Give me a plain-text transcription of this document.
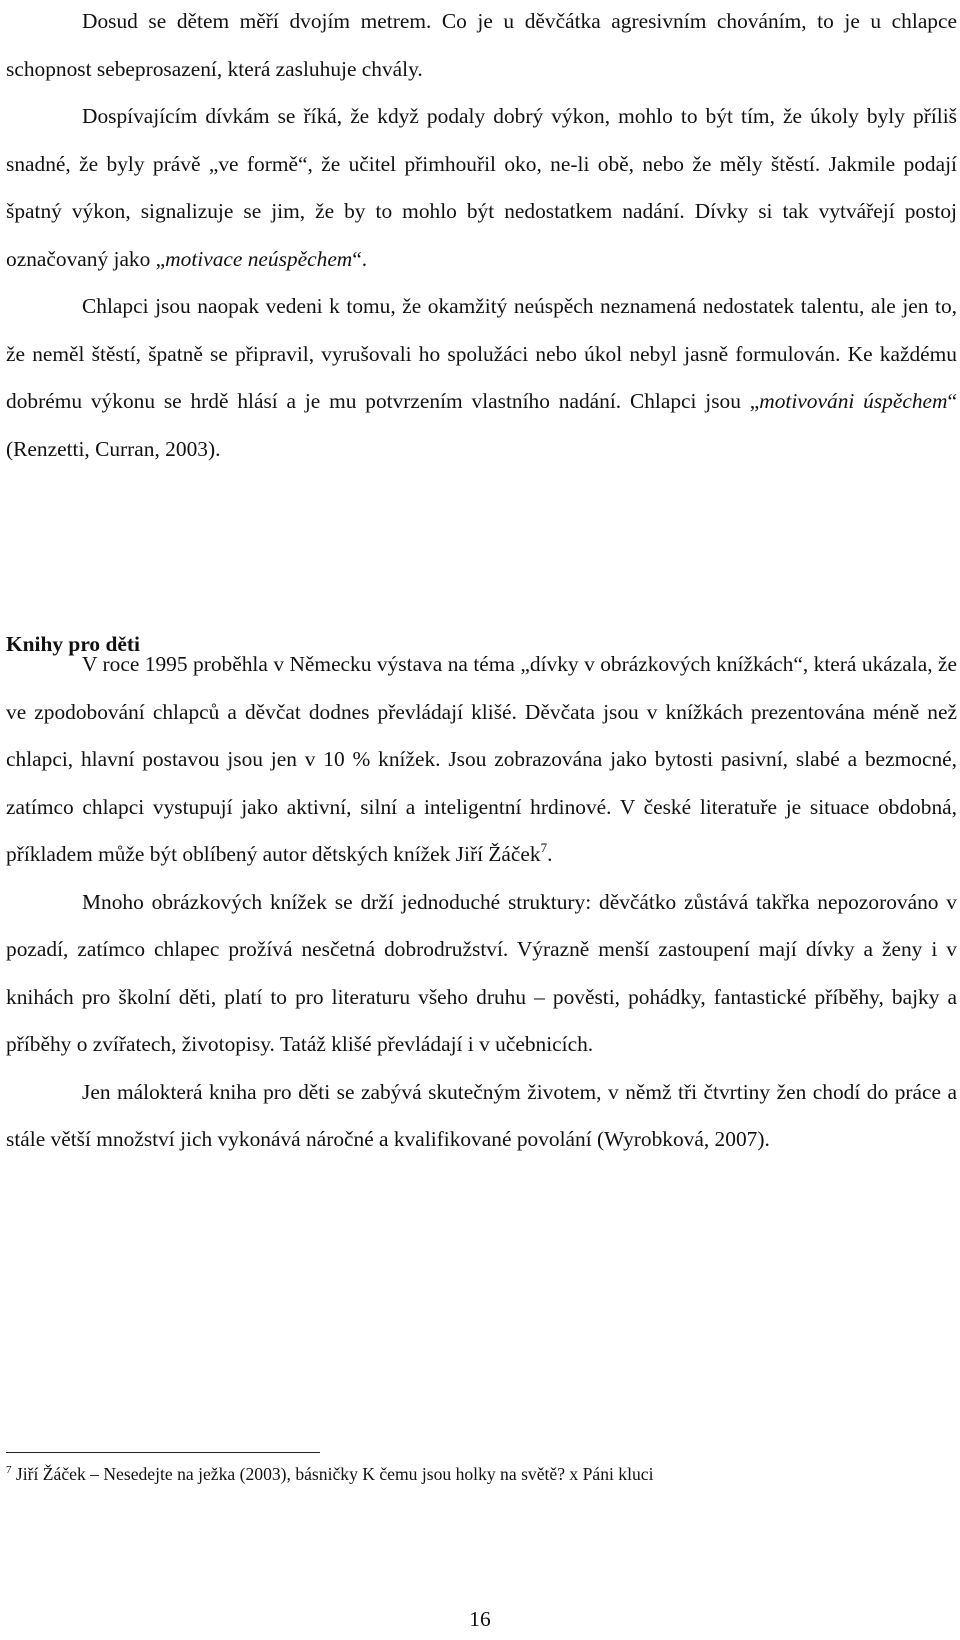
Dosud se dětem měří dvojím metrem. Co je u děvčátka agresivním chováním, to je u chlapce schopnost sebeprosazení, která zasluhuje chvály.

Dospívajícím dívkám se říká, že když podaly dobrý výkon, mohlo to být tím, že úkoly byly příliš snadné, že byly právě „ve formě“, že učitel přimhouřil oko, ne-li obě, nebo že měly štěstí. Jakmile podají špatný výkon, signalizuje se jim, že by to mohlo být nedostatkem nadání. Dívky si tak vytvářejí postoj označovaný jako „motivace neúspěchem“.

Chlapci jsou naopak vedeni k tomu, že okamžitý neúspěch neznamená nedostatek talentu, ale jen to, že neměl štěstí, špatně se připravil, vyrušovali ho spolužáci nebo úkol nebyl jasně formulován. Ke každému dobrému výkonu se hrdě hlásí a je mu potvrzením vlastního nadání. Chlapci jsou „motivováni úspěchem“ (Renzetti, Curran, 2003).

Knihy pro děti

V roce 1995 proběhla v Německu výstava na téma „dívky v obrázkových knížkách“, která ukázala, že ve zpodobování chlapců a děvčat dodnes převládají klišé. Děvčata jsou v knížkách prezentována méně než chlapci, hlavní postavou jsou jen v 10 % knížek. Jsou zobrazována jako bytosti pasivní, slabé a bezmocné, zatímco chlapci vystupují jako aktivní, silní a inteligentní hrdinové. V české literatuře je situace obdobná, příkladem může být oblíbený autor dětských knížek Jiří Žáček$^7$.

Mnoho obrázkových knížek se drží jednoduché struktury: děvčátko zůstává takřka nepozorováno v pozadí, zatímco chlapec prožívá nesčetná dobrodružství. Výrazně menší zastoupení mají dívky a ženy i v knihách pro školní děti, platí to pro literaturu všeho druhu – pověsti, pohádky, fantastické příběhy, bajky a příběhy o zvířatech, životopisy. Tatáž klišé převládají i v učebnicích.

Jen málokterá kniha pro děti se zabývá skutečným životem, v němž tři čtvrtiny žen chodí do práce a stále větší množství jich vykonává náročné a kvalifikované povolání (Wyrobková, 2007).

$^7$ Jiří Žáček – Nesedejte na ježka (2003), básničky K čemu jsou holky na světě? x Páni kluci

16
